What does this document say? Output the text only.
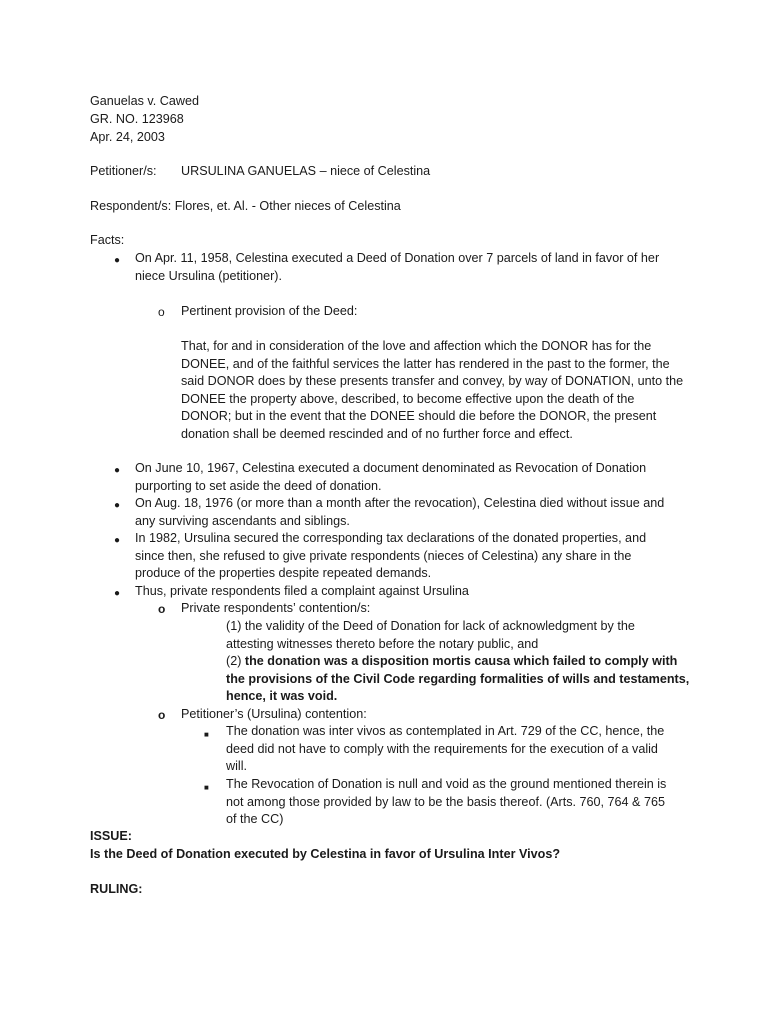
Ganuelas v. Cawed
GR. NO. 123968
Apr. 24, 2003
Petitioner/s: URSULINA GANUELAS – niece of Celestina
Respondent/s: Flores, et. Al. - Other nieces of Celestina
Facts:
● On Apr. 11, 1958, Celestina executed a Deed of Donation over 7 parcels of land in favor of her
niece Ursulina (petitioner).
o Pertinent provision of the Deed:
That, for and in consideration of the love and affection which the DONOR has for the
DONEE, and of the faithful services the latter has rendered in the past to the former, the
said DONOR does by these presents transfer and convey, by way of DONATION, unto the
DONEE the property above, described, to become effective upon the death of the
DONOR; but in the event that the DONEE should die before the DONOR, the present
donation shall be deemed rescinded and of no further force and effect.
● On June 10, 1967, Celestina executed a document denominated as Revocation of Donation
purporting to set aside the deed of donation.
● On Aug. 18, 1976 (or more than a month after the revocation), Celestina died without issue and
any surviving ascendants and siblings.
● In 1982, Ursulina secured the corresponding tax declarations of the donated properties, and
since then, she refused to give private respondents (nieces of Celestina) any share in the
produce of the properties despite repeated demands.
● Thus, private respondents filed a complaint against Ursulina
o Private respondents’ contention/s:
(1) the validity of the Deed of Donation for lack of acknowledgment by the
attesting witnesses thereto before the notary public, and
(2) the donation was a disposition mortis causa which failed to comply with
the provisions of the Civil Code regarding formalities of wills and testaments,
hence, it was void.
o Petitioner’s (Ursulina) contention:
■ The donation was inter vivos as contemplated in Art. 729 of the CC, hence, the
deed did not have to comply with the requirements for the execution of a valid
will.
■ The Revocation of Donation is null and void as the ground mentioned therein is
not among those provided by law to be the basis thereof. (Arts. 760, 764 & 765
of the CC)
ISSUE:
Is the Deed of Donation executed by Celestina in favor of Ursulina Inter Vivos?
RULING:
